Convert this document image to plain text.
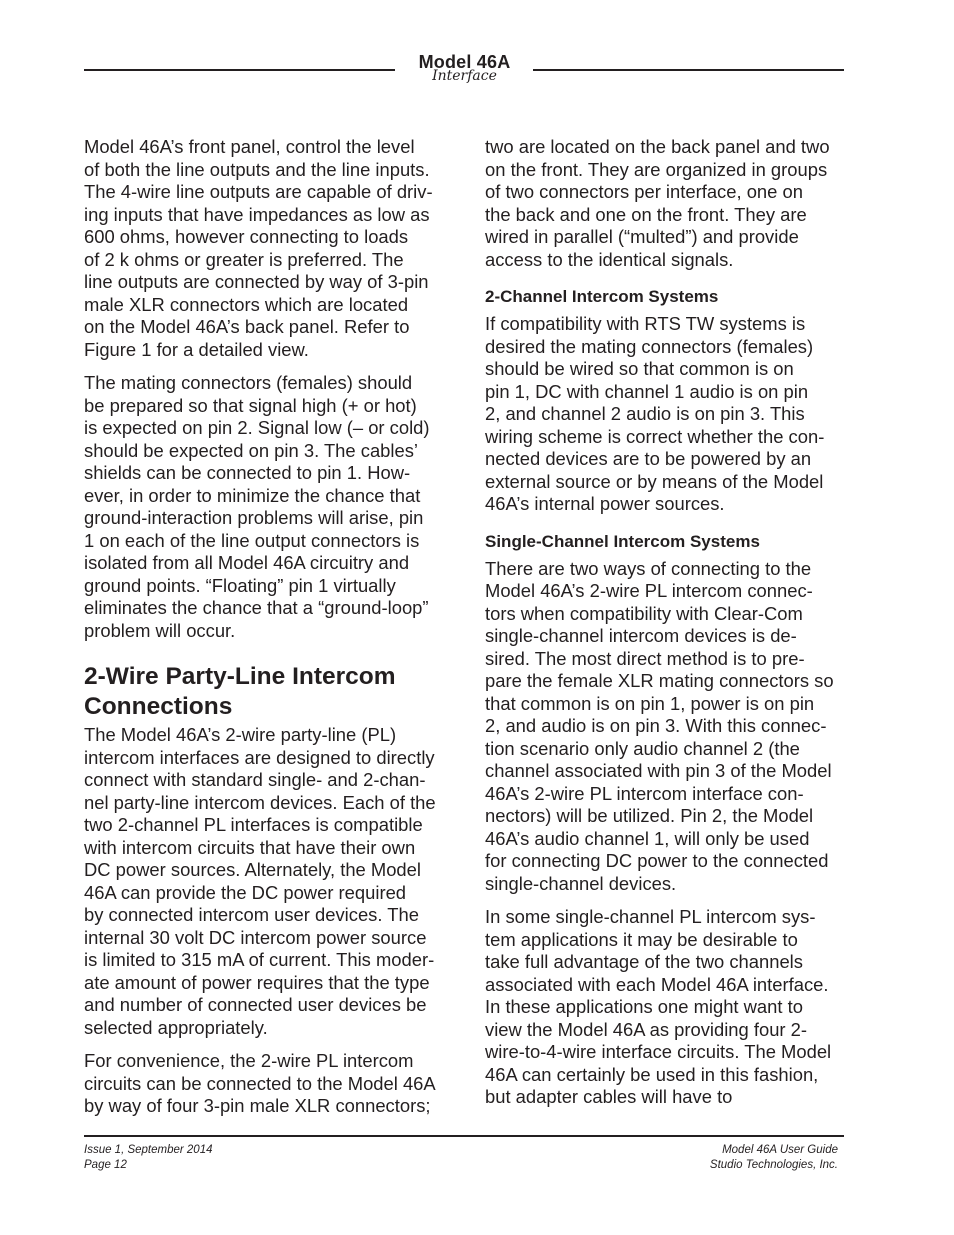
Model 46A
Interface

Model 46A’s front panel, control the level
of both the line outputs and the line inputs.
The 4-wire line outputs are capable of driv-
ing inputs that have impedances as low as
600 ohms, however connecting to loads
of 2 k ohms or greater is preferred. The
line outputs are connected by way of 3-pin
male XLR connectors which are located
on the Model 46A’s back panel. Refer to
Figure 1 for a detailed view.

The mating connectors (females) should
be prepared so that signal high (+ or hot)
is expected on pin 2. Signal low (– or cold)
should be expected on pin 3. The cables’
shields can be connected to pin 1. How-
ever, in order to minimize the chance that
ground-interaction problems will arise, pin
1 on each of the line output connectors is
isolated from all Model 46A circuitry and
ground points. “Floating” pin 1 virtually
eliminates the chance that a “ground-loop”
problem will occur.

2-Wire Party-Line Intercom
Connections

The Model 46A’s 2-wire party-line (PL)
intercom interfaces are designed to directly
connect with standard single- and 2-chan-
nel party-line intercom devices. Each of the
two 2-channel PL interfaces is compatible
with intercom circuits that have their own
DC power sources. Alternately, the Model
46A can provide the DC power required
by connected intercom user devices. The
internal 30 volt DC intercom power source
is limited to 315 mA of current. This moder-
ate amount of power requires that the type
and number of connected user devices be
selected appropriately.

For convenience, the 2-wire PL intercom
circuits can be connected to the Model 46A
by way of four 3-pin male XLR connectors;

two are located on the back panel and two
on the front. They are organized in groups
of two connectors per interface, one on
the back and one on the front. They are
wired in parallel (“multed”) and provide
access to the identical signals.

2-Channel Intercom Systems

If compatibility with RTS TW systems is
desired the mating connectors (females)
should be wired so that common is on
pin 1, DC with channel 1 audio is on pin
2, and channel 2 audio is on pin 3. This
wiring scheme is correct whether the con-
nected devices are to be powered by an
external source or by means of the Model
46A’s internal power sources.

Single-Channel Intercom Systems

There are two ways of connecting to the
Model 46A’s 2-wire PL intercom connec-
tors when compatibility with Clear-Com
single-channel intercom devices is de-
sired. The most direct method is to pre-
pare the female XLR mating connectors so
that common is on pin 1, power is on pin
2, and audio is on pin 3. With this connec-
tion scenario only audio channel 2 (the
channel associated with pin 3 of the Model
46A’s 2-wire PL intercom interface con-
nectors) will be utilized. Pin 2, the Model
46A’s audio channel 1, will only be used
for connecting DC power to the connected
single-channel devices.

In some single-channel PL intercom sys-
tem applications it may be desirable to
take full advantage of the two channels
associated with each Model 46A interface.
In these applications one might want to
view the Model 46A as providing four 2-
wire-to-4-wire interface circuits. The Model
46A can certainly be used in this fashion,
but adapter cables will have to

Issue 1, September 2014
Page 12
Model 46A User Guide
Studio Technologies, Inc.
